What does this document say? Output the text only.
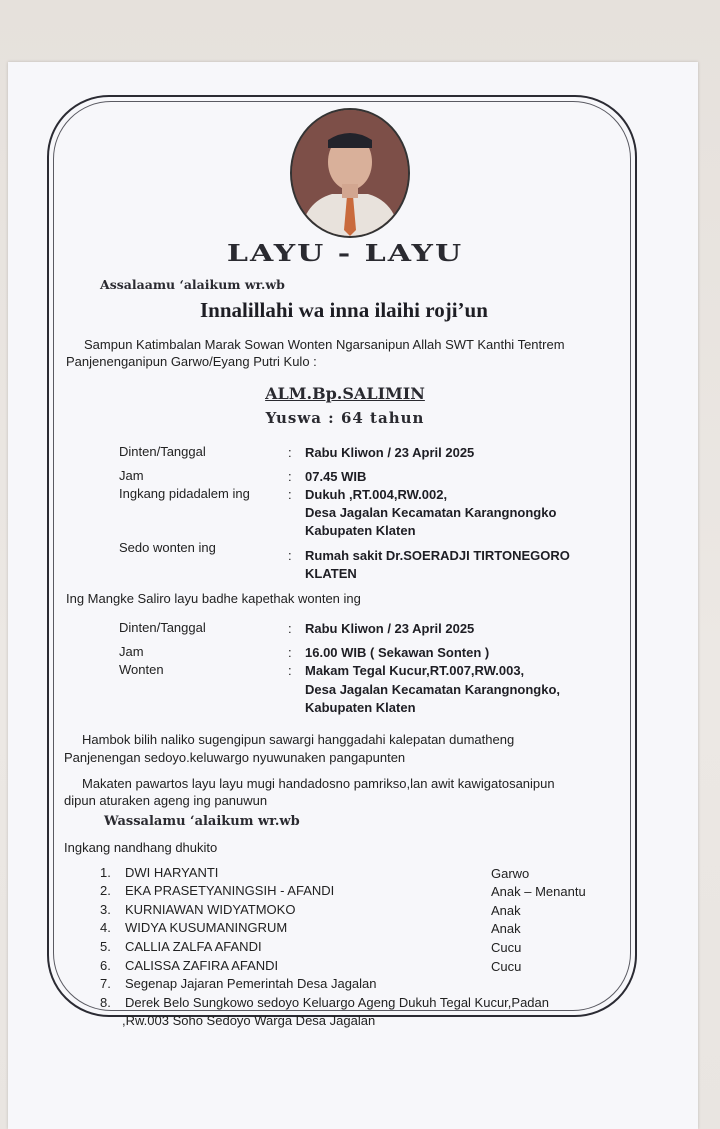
LAYU - LAYU
Assalaamu ‘alaikum wr.wb
Innalillahi wa inna ilaihi roji’un
Sampun Katimbalan Marak Sowan Wonten Ngarsanipun Allah SWT Kanthi Tentrem
Panjenenganipun Garwo/Eyang Putri Kulo :
ALM.Bp.SALIMIN
Yuswa : 64 tahun
Dinten/Tanggal	: Rabu Kliwon / 23 April 2025
Jam	: 07.45 WIB
Ingkang pidadalem ing	: Dukuh ,RT.004,RW.002,
Desa Jagalan Kecamatan Karangnongko
Kabupaten Klaten
Sedo wonten ing
: Rumah sakit Dr.SOERADJI TIRTONEGORO
KLATEN
Ing Mangke Saliro layu badhe kapethak wonten ing
Dinten/Tanggal	: Rabu Kliwon / 23 April 2025
Jam	: 16.00 WIB ( Sekawan Sonten )
Wonten	: Makam Tegal Kucur,RT.007,RW.003,
Desa Jagalan Kecamatan Karangnongko,
Kabupaten Klaten
Hambok bilih naliko sugengipun sawargi hanggadahi kalepatan dumatheng
Panjenengan sedoyo.keluwargo nyuwunaken pangapunten
Makaten pawartos layu layu mugi handadosno pamrikso,lan awit kawigatosanipun
dipun aturaken ageng ing panuwun
Wassalamu ‘alaikum wr.wb
Ingkang nandhang dhukito
1. DWI HARYANTI	Garwo
2. EKA PRASETYANINGSIH - AFANDI	Anak – Menantu
3. KURNIAWAN WIDYATMOKO	Anak
4. WIDYA KUSUMANINGRUM	Anak
5. CALLIA ZALFA AFANDI	Cucu
6. CALISSA ZAFIRA AFANDI	Cucu
7. Segenap Jajaran Pemerintah Desa Jagalan
8. Derek Belo Sungkowo sedoyo Keluargo Ageng Dukuh Tegal Kucur,Padan
,Rw.003 Soho Sedoyo Warga Desa Jagalan
